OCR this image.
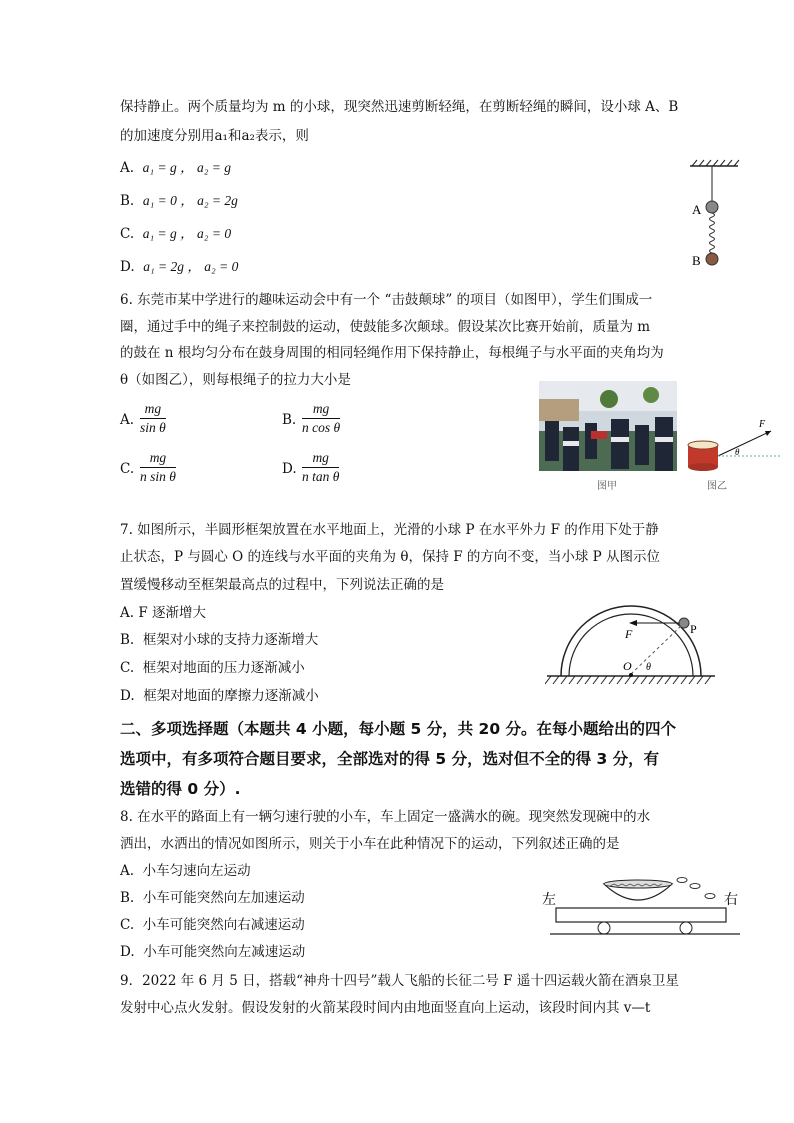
保持静止。两个质量均为 m 的小球，现突然迅速剪断轻绳，在剪断轻绳的瞬间，设小球 A、B
的加速度分别用a₁和a₂表示，则
A. a₁ = g ， a₂ = g
B. a₁ = 0 ， a₂ = 2g
C. a₁ = g ， a₂ = 0
D. a₁ = 2g ， a₂ = 0
A
B
6. 东莞市某中学进行的趣味运动会中有一个 “击鼓颠球” 的项目（如图甲），学生们围成一
圈，通过手中的绳子来控制鼓的运动，使鼓能多次颠球。假设某次比赛开始前，质量为 m
的鼓在 n 根均匀分布在鼓身周围的相同轻绳作用下保持静止，每根绳子与水平面的夹角均为
θ（如图乙），则每根绳子的拉力大小是
A. $\frac{mg}{\text{sin θ}}$	B. $\frac{mg}{\text{n cos θ}}$
C. $\frac{mg}{\text{n sin θ}}$	D. $\frac{mg}{\text{n tan θ}}$
图甲
F
θ
图乙
7. 如图所示，半圆形框架放置在水平地面上，光滑的小球 P 在水平外力 F 的作用下处于静
止状态，P 与圆心 O 的连线与水平面的夹角为 θ，保持 F 的方向不变，当小球 P 从图示位
置缓慢移动至框架最高点的过程中，下列说法正确的是
A. F 逐渐增大
B. 框架对小球的支持力逐渐增大
C. 框架对地面的压力逐渐减小
D. 框架对地面的摩擦力逐渐减小
F	P
O θ
二、多项选择题（本题共 4 小题，每小题 5 分，共 20 分。在每小题给出的四个
选项中，有多项符合题目要求，全部选对的得 5 分，选对但不全的得 3 分，有
选错的得 0 分）.
8. 在水平的路面上有一辆匀速行驶的小车，车上固定一盛满水的碗。现突然发现碗中的水
洒出，水洒出的情况如图所示，则关于小车在此种情况下的运动，下列叙述正确的是
A. 小车匀速向左运动
B. 小车可能突然向左加速运动
C. 小车可能突然向右减速运动
D. 小车可能突然向左减速运动
左	右
9．2022 年 6 月 5 日，搭载“神舟十四号”载人飞船的长征二号 F 遥十四运载火箭在酒泉卫星
发射中心点火发射。假设发射的火箭某段时间内由地面竖直向上运动，该段时间内其 v—t
